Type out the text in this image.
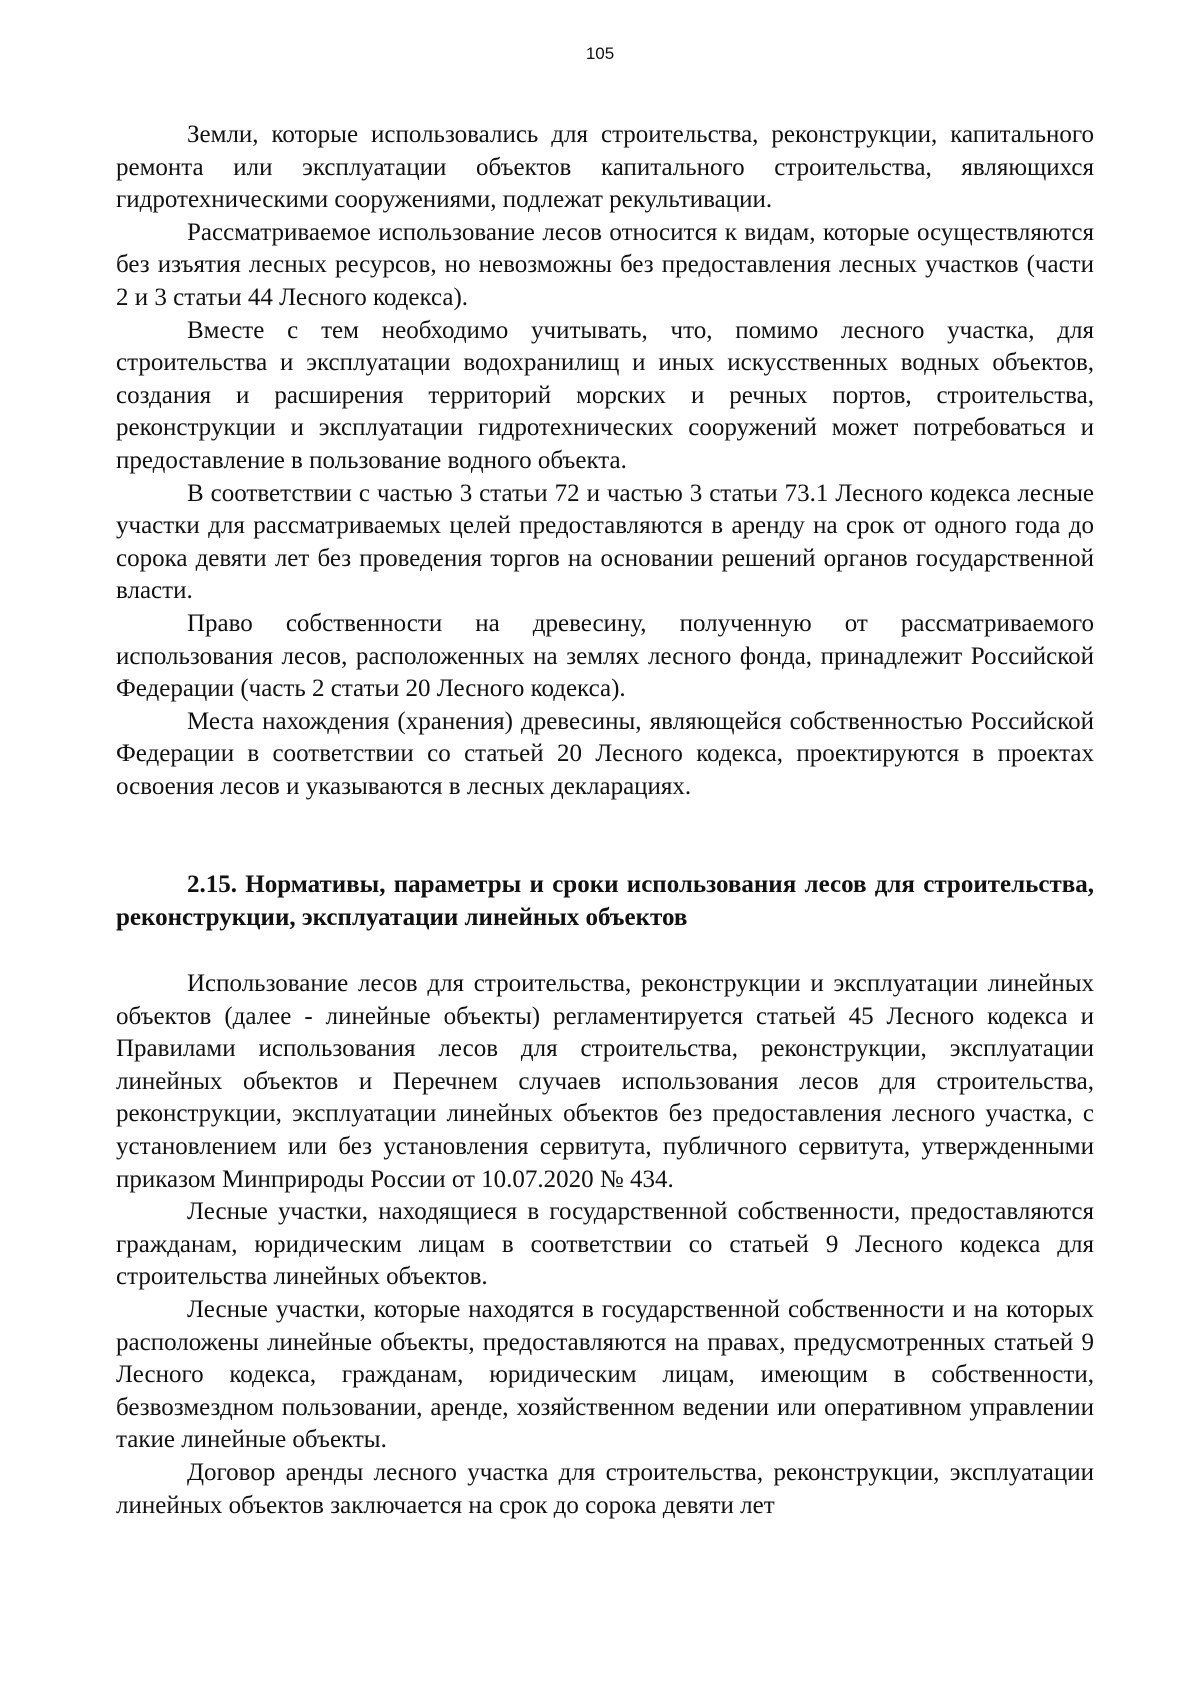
105

Земли, которые использовались для строительства, реконструкции, капитального ремонта или эксплуатации объектов капитального строительства, являющихся гидротехническими сооружениями, подлежат рекультивации.

Рассматриваемое использование лесов относится к видам, которые осуществляются без изъятия лесных ресурсов, но невозможны без предоставления лесных участков (части 2 и 3 статьи 44 Лесного кодекса).

Вместе с тем необходимо учитывать, что, помимо лесного участка, для строительства и эксплуатации водохранилищ и иных искусственных водных объектов, создания и расширения территорий морских и речных портов, строительства, реконструкции и эксплуатации гидротехнических сооружений может потребоваться и предоставление в пользование водного объекта.

В соответствии с частью 3 статьи 72 и частью 3 статьи 73.1 Лесного кодекса лесные участки для рассматриваемых целей предоставляются в аренду на срок от одного года до сорока девяти лет без проведения торгов на основании решений органов государственной власти.

Право собственности на древесину, полученную от рассматриваемого использования лесов, расположенных на землях лесного фонда, принадлежит Российской Федерации (часть 2 статьи 20 Лесного кодекса).

Места нахождения (хранения) древесины, являющейся собственностью Российской Федерации в соответствии со статьей 20 Лесного кодекса, проектируются в проектах освоения лесов и указываются в лесных декларациях.

2.15. Нормативы, параметры и сроки использования лесов для строительства, реконструкции, эксплуатации линейных объектов

Использование лесов для строительства, реконструкции и эксплуатации линейных объектов (далее - линейные объекты) регламентируется статьей 45 Лесного кодекса и Правилами использования лесов для строительства, реконструкции, эксплуатации линейных объектов и Перечнем случаев использования лесов для строительства, реконструкции, эксплуатации линейных объектов без предоставления лесного участка, с установлением или без установления сервитута, публичного сервитута, утвержденными приказом Минприроды России от 10.07.2020 № 434.

Лесные участки, находящиеся в государственной собственности, предоставляются гражданам, юридическим лицам в соответствии со статьей 9 Лесного кодекса для строительства линейных объектов.

Лесные участки, которые находятся в государственной собственности и на которых расположены линейные объекты, предоставляются на правах, предусмотренных статьей 9 Лесного кодекса, гражданам, юридическим лицам, имеющим в собственности, безвозмездном пользовании, аренде, хозяйственном ведении или оперативном управлении такие линейные объекты.

Договор аренды лесного участка для строительства, реконструкции, эксплуатации линейных объектов заключается на срок до сорока девяти лет
